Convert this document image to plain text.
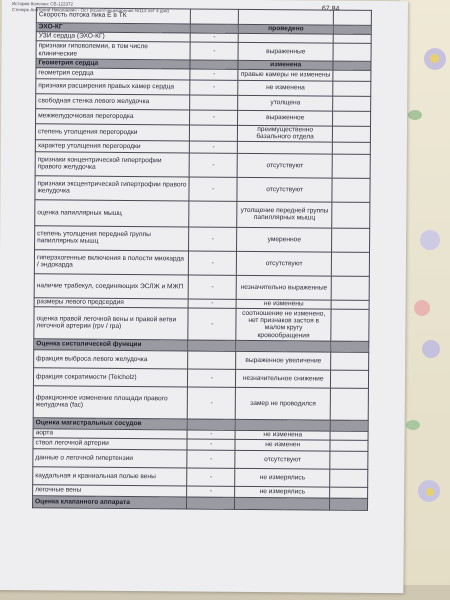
История болезни: СВ-122372
Стенкре Анатолий Николаевич - Ост (Ксант/Пищеварение N/113 лет 4 дня)	67,84
Скорость потока пика Е в ТК			
ЭХО-КГ		проведено	
УЗИ сердца (ЭХО-КГ)	-		
признаки гиповолемии, в том числе клинические	-	выраженные	
Геометрия сердца		изменена	
геометрия сердца	-	правые камеры не изменены	
признаки расширения правых камер сердца	-	не изменена	
свободная стенка левого желудочка		утолщена	
межжелудочковая перегородка	-	выраженное	
степень утолщения перегородки		преимущественно базального отдела	
характер утолщения перегородки	-		
признаки концентрической гипертрофии правого желудочка	-	отсутствуют	
признаки эксцентрической гипертрофии правого желудочка	-	отсутствуют	
оценка папиллярных мышц		утолщение передней группы папиллярных мышц	
степень утолщения передней группы папиллярных мышц	-	умеренное	
гиперэхогенные включения в полости миокарда / эндокарда	-	отсутствуют	
наличие трабекул, соединяющих ЭСЛЖ и МЖП	-	незначительно выраженные	
размеры левого предсердия	-	не изменены	
оценка правой легочной вены и правой ветви легочной артерии (rpv / rpa)	-	соотношение не изменено, нет признаков застоя в малом кругу кровообращения	
Оценка систолической функции			
фракция выброса левого желудочка		выраженное увеличение	
фракция сократимости (Teicholz)	-	незначительное снижение	
фракционное изменение площади правого желудочка (fac)	-	замер не проводился	
Оценка магистральных сосудов			
аорта	-	не изменена	
ствол легочной артерии	-	не изменен	
данные о легочной гипертензии	-	отсутствуют	
каудальная и краниальная полые вены	-	не измерялись	
легочные вены	-	не измерялись	
Оценка клапанного аппарата			
